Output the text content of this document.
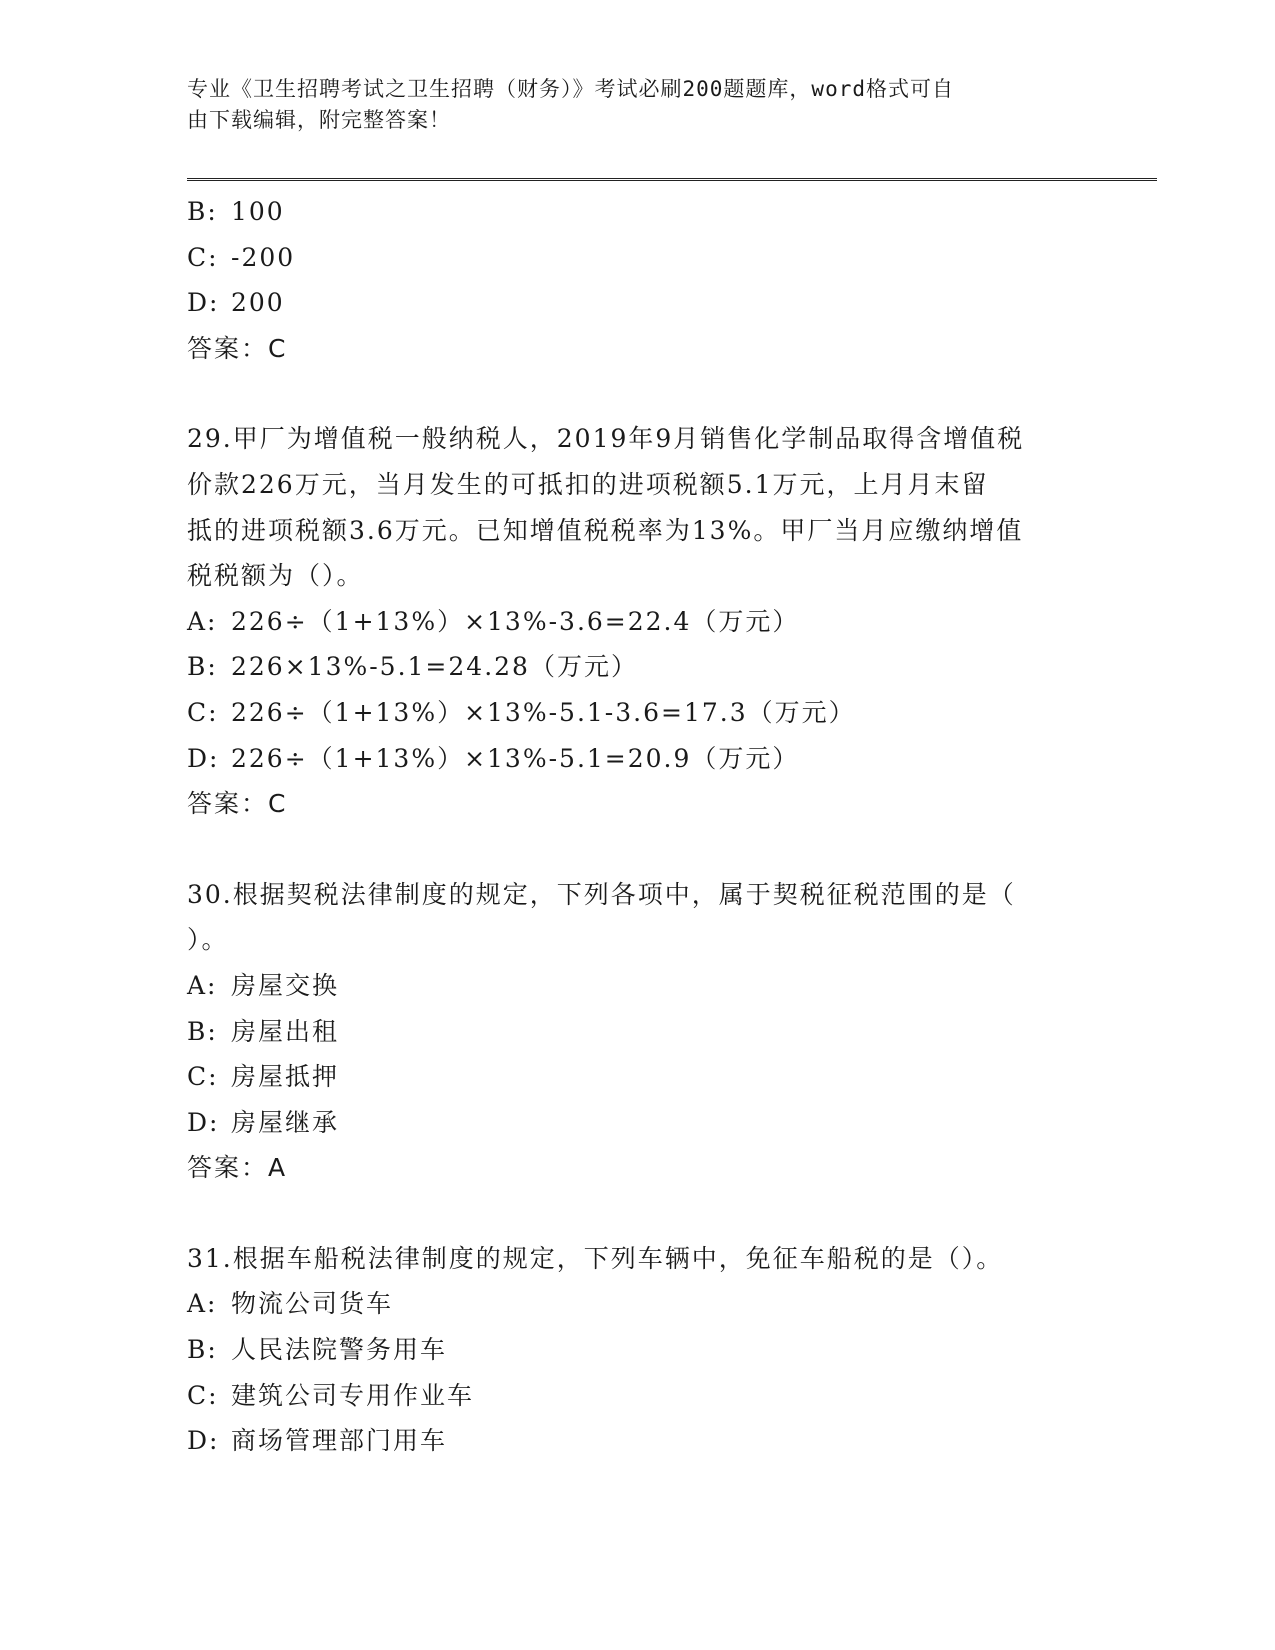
专业《卫生招聘考试之卫生招聘（财务）》考试必刷200题题库，word格式可自
由下载编辑，附完整答案！
B: 100
C: -200
D: 200
答案：C
29.甲厂为增值税一般纳税人，2019年9月销售化学制品取得含增值税
价款226万元，当月发生的可抵扣的进项税额5.1万元，上月月末留
抵的进项税额3.6万元。已知增值税税率为13%。甲厂当月应缴纳增值
税税额为（）。
A: 226÷（1+13%）×13%-3.6=22.4（万元）
B: 226×13%-5.1=24.28（万元）
C: 226÷（1+13%）×13%-5.1-3.6=17.3（万元）
D: 226÷（1+13%）×13%-5.1=20.9（万元）
答案：C
30.根据契税法律制度的规定，下列各项中，属于契税征税范围的是（
）。
A: 房屋交换
B: 房屋出租
C: 房屋抵押
D: 房屋继承
答案：A
31.根据车船税法律制度的规定，下列车辆中，免征车船税的是（）。
A: 物流公司货车
B: 人民法院警务用车
C: 建筑公司专用作业车
D: 商场管理部门用车
